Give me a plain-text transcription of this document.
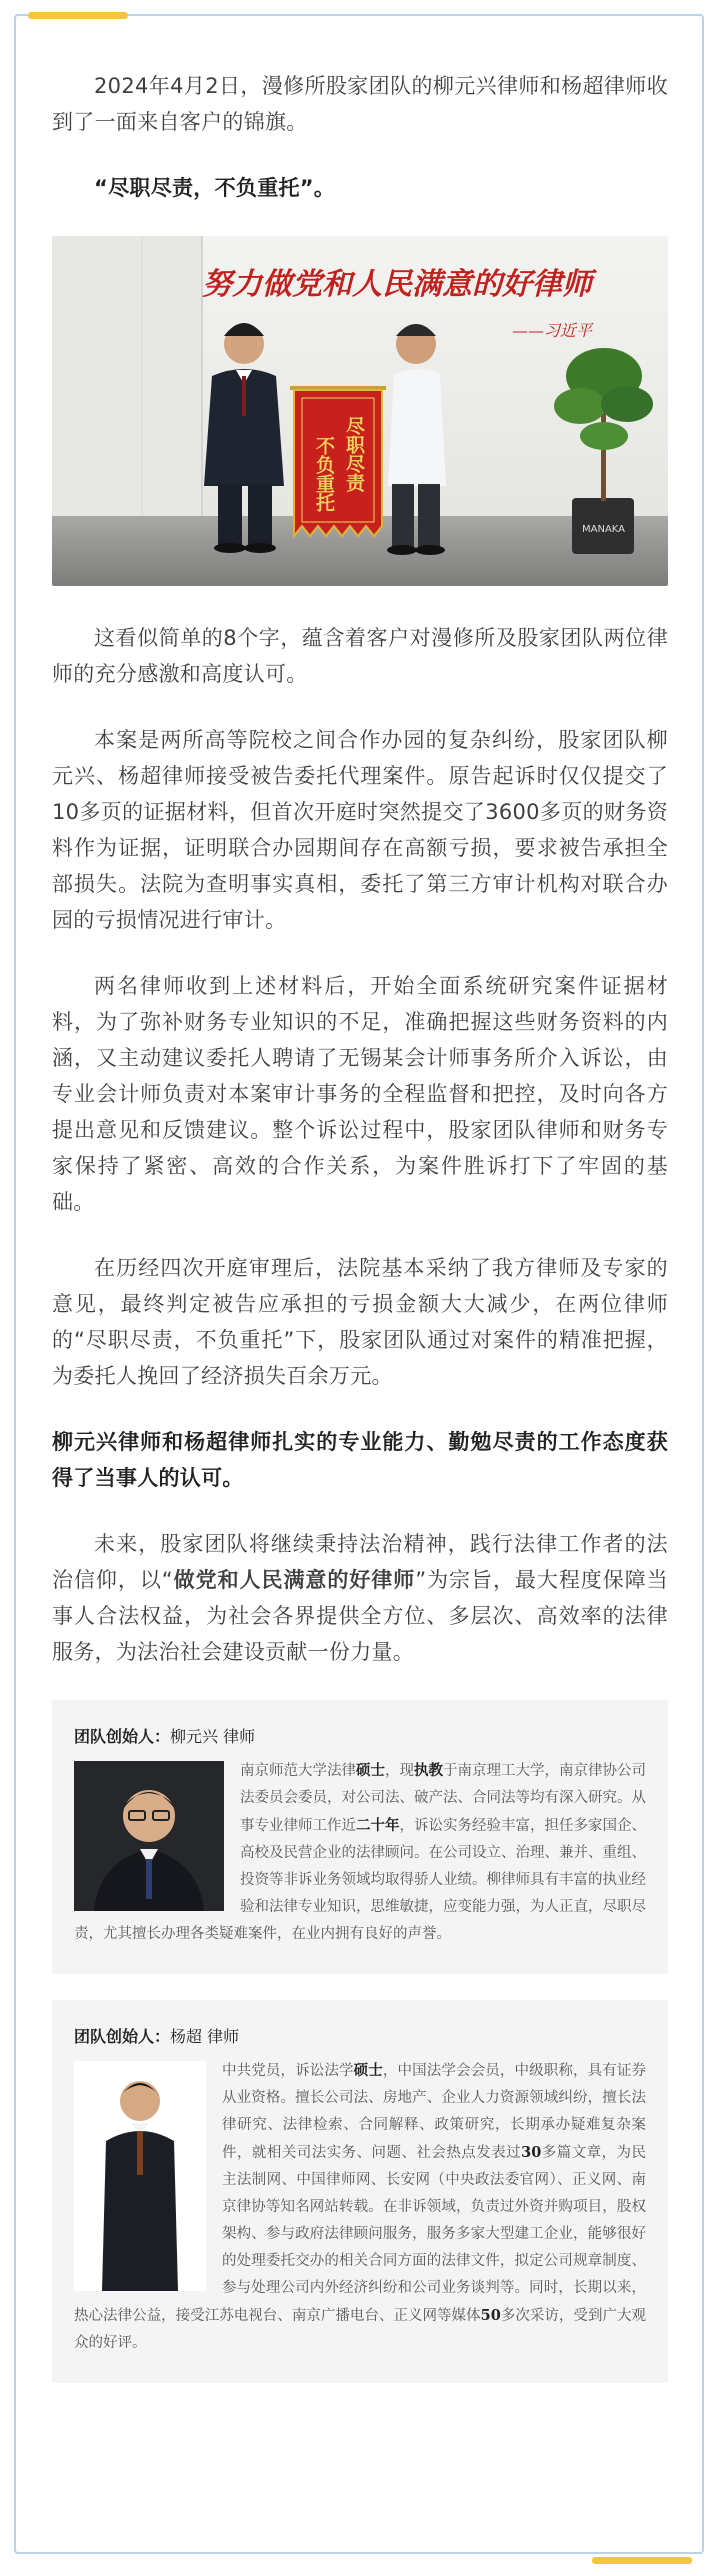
2024年4月2日，漫修所股家团队的柳元兴律师和杨超律师收到了一面来自客户的锦旗。

“尽职尽责，不负重托”。

努力做党和人民满意的好律师
——习近平
MANAKA
尽职尽责
不负重托

这看似简单的8个字，蕴含着客户对漫修所及股家团队两位律师的充分感激和高度认可。

本案是两所高等院校之间合作办园的复杂纠纷，股家团队柳元兴、杨超律师接受被告委托代理案件。原告起诉时仅仅提交了10多页的证据材料，但首次开庭时突然提交了3600多页的财务资料作为证据，证明联合办园期间存在高额亏损，要求被告承担全部损失。法院为查明事实真相，委托了第三方审计机构对联合办园的亏损情况进行审计。

两名律师收到上述材料后，开始全面系统研究案件证据材料，为了弥补财务专业知识的不足，准确把握这些财务资料的内涵，又主动建议委托人聘请了无锡某会计师事务所介入诉讼，由专业会计师负责对本案审计事务的全程监督和把控，及时向各方提出意见和反馈建议。整个诉讼过程中，股家团队律师和财务专家保持了紧密、高效的合作关系，为案件胜诉打下了牢固的基础。

在历经四次开庭审理后，法院基本采纳了我方律师及专家的意见，最终判定被告应承担的亏损金额大大减少，在两位律师的“尽职尽责，不负重托”下，股家团队通过对案件的精准把握，为委托人挽回了经济损失百余万元。

柳元兴律师和杨超律师扎实的专业能力、勤勉尽责的工作态度获得了当事人的认可。

未来，股家团队将继续秉持法治精神，践行法律工作者的法治信仰，以“做党和人民满意的好律师”为宗旨，最大程度保障当事人合法权益，为社会各界提供全方位、多层次、高效率的法律服务，为法治社会建设贡献一份力量。

团队创始人：柳元兴 律师
南京师范大学法律硕士，现执教于南京理工大学，南京律协公司法委员会委员，对公司法、破产法、合同法等均有深入研究。从事专业律师工作近二十年，诉讼实务经验丰富，担任多家国企、高校及民营企业的法律顾问。在公司设立、治理、兼并、重组、投资等非诉业务领域均取得骄人业绩。柳律师具有丰富的执业经验和法律专业知识，思维敏捷，应变能力强，为人正直，尽职尽责，尤其擅长办理各类疑难案件，在业内拥有良好的声誉。
团队创始人：杨超 律师
中共党员，诉讼法学硕士，中国法学会会员，中级职称，具有证券从业资格。擅长公司法、房地产、企业人力资源领域纠纷，擅长法律研究、法律检索、合同解释、政策研究，长期承办疑难复杂案件，就相关司法实务、问题、社会热点发表过30多篇文章，为民主法制网、中国律师网、长安网（中央政法委官网）、正义网、南京律协等知名网站转载。在非诉领域，负责过外资并购项目，股权架构、参与政府法律顾问服务，服务多家大型建工企业，能够很好的处理委托交办的相关合同方面的法律文件，拟定公司规章制度、参与处理公司内外经济纠纷和公司业务谈判等。同时，长期以来，热心法律公益，接受江苏电视台、南京广播电台、正义网等媒体50多次采访，受到广大观众的好评。
